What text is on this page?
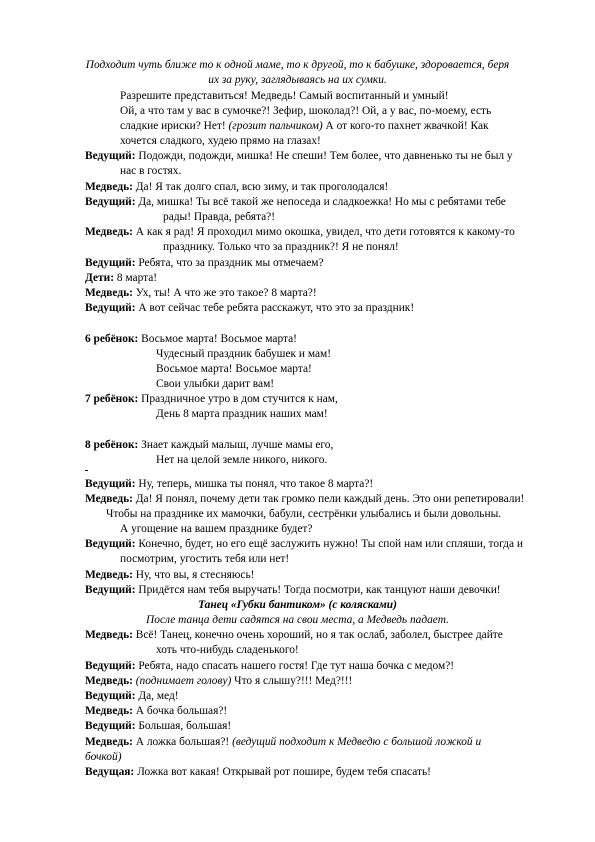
Подходит чуть ближе то к одной маме, то к другой, то к бабушке, здоровается, беря
их за руку, заглядываясь на их сумки.
Разрешите представиться! Медведь! Самый воспитанный и умный!
Ой, а что там у вас в сумочке?! Зефир, шоколад?! Ой, а у вас, по-моему, есть
сладкие ириски? Нет! (грозит пальчиком) А от кого-то пахнет жвачкой! Как
хочется сладкого, худею прямо на глазах!
Ведущий: Подожди, подожди, мишка! Не спеши! Тем более, что давненько ты не был у
нас в гостях.
Медведь: Да! Я так долго спал, всю зиму, и так проголодался!
Ведущий: Да, мишка! Ты всё такой же непоседа и сладкоежка! Но мы с ребятами тебе
рады! Правда, ребята?!
Медведь: А как я рад! Я проходил мимо окошка, увидел, что дети готовятся к какому-то
празднику. Только что за праздник?! Я не понял!
Ведущий: Ребята, что за праздник мы отмечаем?
Дети: 8 марта!
Медведь: Ух, ты! А что же это такое? 8 марта?!
Ведущий: А вот сейчас тебе ребята расскажут, что это за праздник!
6 ребёнок: Восьмое марта! Восьмое марта!
Чудесный праздник бабушек и мам!
Восьмое марта! Восьмое марта!
Свои улыбки дарит вам!
7 ребёнок: Праздничное утро в дом стучится к нам,
День 8 марта праздник наших мам!
8 ребёнок: Знает каждый малыш, лучше мамы его,
Нет на целой земле никого, никого.
Ведущий: Ну, теперь, мишка ты понял, что такое 8 марта?!
Медведь: Да! Я понял, почему дети так громко пели каждый день. Это они репетировали!
Чтобы на празднике их мамочки, бабули, сестрёнки улыбались и были довольны.
А угощение на вашем празднике будет?
Ведущий: Конечно, будет, но его ещё заслужить нужно! Ты спой нам или спляши, тогда и
посмотрим, угостить тебя или нет!
Медведь: Ну, что вы, я стесняюсь!
Ведущий: Придётся нам тебя выручать! Тогда посмотри, как танцуют наши девочки!
Танец «Губки бантиком» (с колясками)
После танца дети садятся на свои места, а Медведь падает.
Медведь: Всё! Танец, конечно очень хороший, но я так ослаб, заболел, быстрее дайте
хоть что-нибудь сладенького!
Ведущий: Ребята, надо спасать нашего гостя! Где тут наша бочка с медом?!
Медведь: (поднимает голову) Что я слышу?!!! Мед?!!!
Ведущий: Да, мед!
Медведь: А бочка большая?!
Ведущий: Большая, большая!
Медведь: А ложка большая?! (ведущий подходит к Медведю с большой ложкой и
бочкой)
Ведущая: Ложка вот какая! Открывай рот пошире, будем тебя спасать!
